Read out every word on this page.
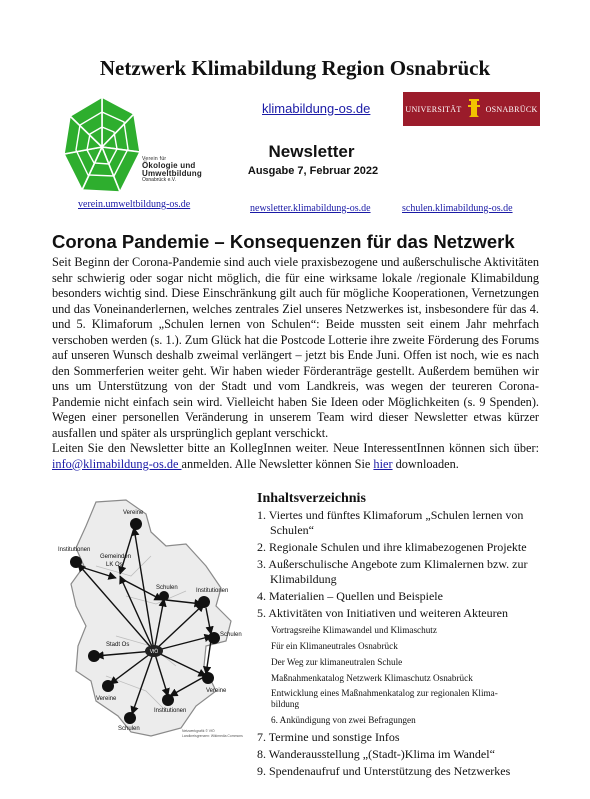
Netzwerk Klimabildung Region Osnabrück
Verein für
Ökologie und
Umweltbildung
Osnabrück e.V.
klimabildung-os.de
Newsletter
Ausgabe 7, Februar 2022
UNIVERSITÄT	OSNABRÜCK
verein.umweltbildung-os.de	newsletter.klimabildung-os.de	schulen.klimabildung-os.de
Corona Pandemie – Konsequenzen für das Netzwerk

Seit Beginn der Corona-Pandemie sind auch viele praxisbezogene und außerschulische Aktivitäten sehr schwierig oder sogar nicht möglich, die für eine wirksame lokale /regionale Klimabildung besonders wichtig sind. Diese Einschränkung gilt auch für mögliche Kooperationen, Vernetzungen und das Voneinanderlernen, welches zentrales Ziel unseres Netzwerkes ist, insbesondere für das 4. und 5. Klimaforum „Schulen lernen von Schulen“: Beide mussten seit einem Jahr mehrfach verschoben werden (s. 1.). Zum Glück hat die Postcode Lotterie ihre zweite Förderung des Forums auf unseren Wunsch deshalb zweimal verlängert – jetzt bis Ende Juni. Offen ist noch, wie es nach den Sommerferien weiter geht. Wir haben wieder Förderanträge gestellt. Außerdem bemühen wir uns um Unterstützung von der Stadt und vom Landkreis, was wegen der teureren Corona-Pandemie nicht einfach sein wird. Vielleicht haben Sie Ideen oder Möglichkeiten (s. 9 Spenden). Wegen einer personellen Veränderung in unserem Team wird dieser Newsletter etwas kürzer ausfallen und später als ursprünglich geplant verschickt.

Leiten Sie den Newsletter bitte an KollegInnen weiter. Neue InteressentInnen können sich über: info@klimabildung-os.de anmelden. Alle Newsletter können Sie hier downloaden.

VfÖ
Vereine
Institutionen
Gemeinden
LK Os
Schulen	Institutionen
Schulen
Stadt Os
Vereine
Institutionen
Vereine
Schulen	Netzwerkgrafik © VfÖ
Landkreisgrenzen: Wikimedia Commons
Inhaltsverzeichnis
1. Viertes und fünftes Klimaforum „Schulen lernen von
Schulen“
2. Regionale Schulen und ihre klimabezogenen Projekte
3. Außerschulische Angebote zum Klimalernen bzw. zur
Klimabildung
4. Materialien – Quellen und Beispiele
5. Aktivitäten von Initiativen und weiteren Akteuren
Vortragsreihe Klimawandel und Klimaschutz
Für ein Klimaneutrales Osnabrück
Der Weg zur klimaneutralen Schule
Maßnahmenkatalog Netzwerk Klimaschutz Osnabrück
Entwicklung eines Maßnahmenkatalog zur regionalen Klima-
bildung
6. Ankündigung von zwei Befragungen
7. Termine und sonstige Infos
8. Wanderausstellung „(Stadt-)Klima im Wandel“
9. Spendenaufruf und Unterstützung des Netzwerkes
